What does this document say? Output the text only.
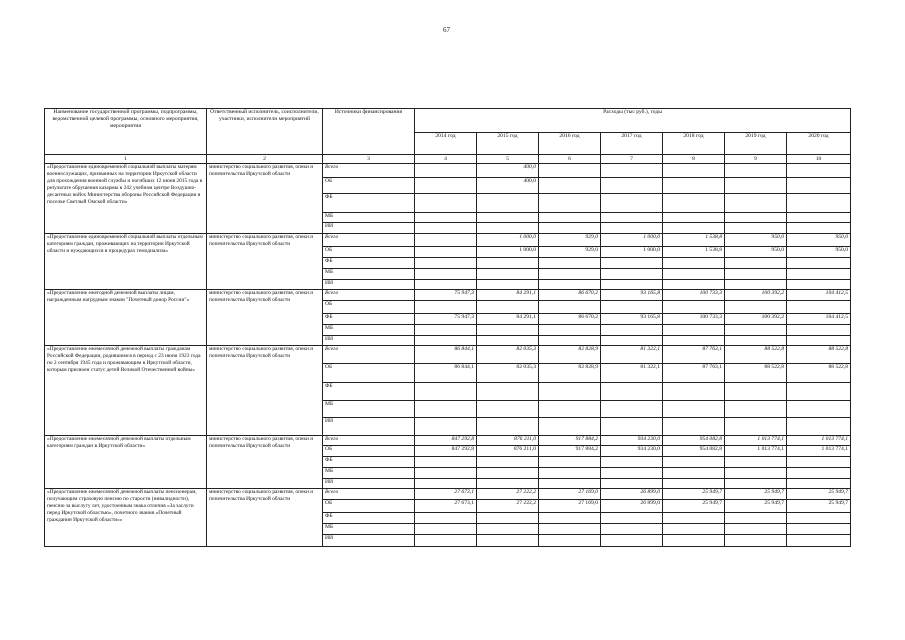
67
Наименование государственной программы, подпрограммы, ведомственной целевой программы, основного мероприятия, мероприятия	Ответственный исполнитель, соисполнители, участники, исполнители мероприятий	Источники финансирования	Расходы (тыс руб.), годы						
			2014 год	2015 год	2016 год	2017 год	2018 год	2019 год	2020 год
1	2	3	4	5	6	7	8	9	10
«Предоставление единовременной социальной выплаты матерям военнослужащих, призванных на территории Иркутской области для прохождения военной службы и погибших 12 июня 2015 года в результате обрушения казармы в 242 учебном центре Воздушно-десантных войск Министерства обороны Российской Федерации в поселке Светлый Омской области»	министерство социального развития, опеки и попечительства Иркутской области	Всего		400,0					
		ОБ		400,0					
		ФБ							
		МБ							
		ИИ							
«Предоставление единовременной социальной выплаты отдельным категориям граждан, проживающих на территории Иркутской области и нуждающихся в процедурах гемодиализа»	министерство социального развития, опеки и попечительства Иркутской области	Всего		1 000,0	929,0	1 000,0	1 538,8	950,0	950,0
		ОБ		1 000,0	929,0	1 000,0	1 538,8	950,0	950,0
		ФБ							
		МБ							
		ИИ							
«Предоставление ежегодной денежной выплаты лицам, награжденным нагрудным знаком "Почетный донор России"»	министерство социального развития, опеки и попечительства Иркутской области	Всего	75 947,3	84 291,1	86 670,2	93 165,8	100 733,3	100 392,2	104 412,5
		ОБ							
		ФБ	75 947,3	84 291,1	86 670,2	93 165,8	100 733,3	100 392,2	104 412,5
		МБ							
		ИИ							
«Предоставление ежемесячной денежной выплаты гражданам Российской Федерации, родившимся в период с 23 июня 1923 года по 2 сентября 1945 года и проживающим в Иркутской области, которым присвоен статус детей Великой Отечественной войны»	министерство социального развития, опеки и попечительства Иркутской области	Всего	86 844,1	82 035,3	82 828,9	81 322,1	87 763,1	88 522,8	88 522,8
		ОБ	86 844,1	82 035,3	82 828,9	81 322,1	87 763,1	88 522,8	88 522,8
		ФБ							
		МБ							
		ИИ							
«Предоставление ежемесячной денежной выплаты отдельным категориям граждан в Иркутской области»	министерство социального развития, опеки и попечительства Иркутской области	Всего	847 292,8	876 211,0	917 884,2	934 230,0	954 082,8	1 013 774,1	1 013 774,1
		ОБ	847 292,8	876 211,0	917 884,2	934 230,0	954 082,8	1 013 774,1	1 013 774,1
		ФБ							
		МБ							
		ИИ							
«Предоставление ежемесячной денежной выплаты пенсионерам, получающим страховую пенсию по старости (инвалидности), пенсию за выслугу лет, удостоенным знака отличия «За заслуги перед Иркутской областью», почетного звания «Почетный гражданин Иркутской области»»	министерство социального развития, опеки и попечительства Иркутской области	Всего	27 673,1	27 222,2	27 169,0	26 899,0	25 949,7	25 949,7	25 949,7
		ОБ	27 673,1	27 222,2	27 169,0	26 899,0	25 949,7	25 949,7	25 949,7
		ФБ							
		МБ							
		ИИ							
